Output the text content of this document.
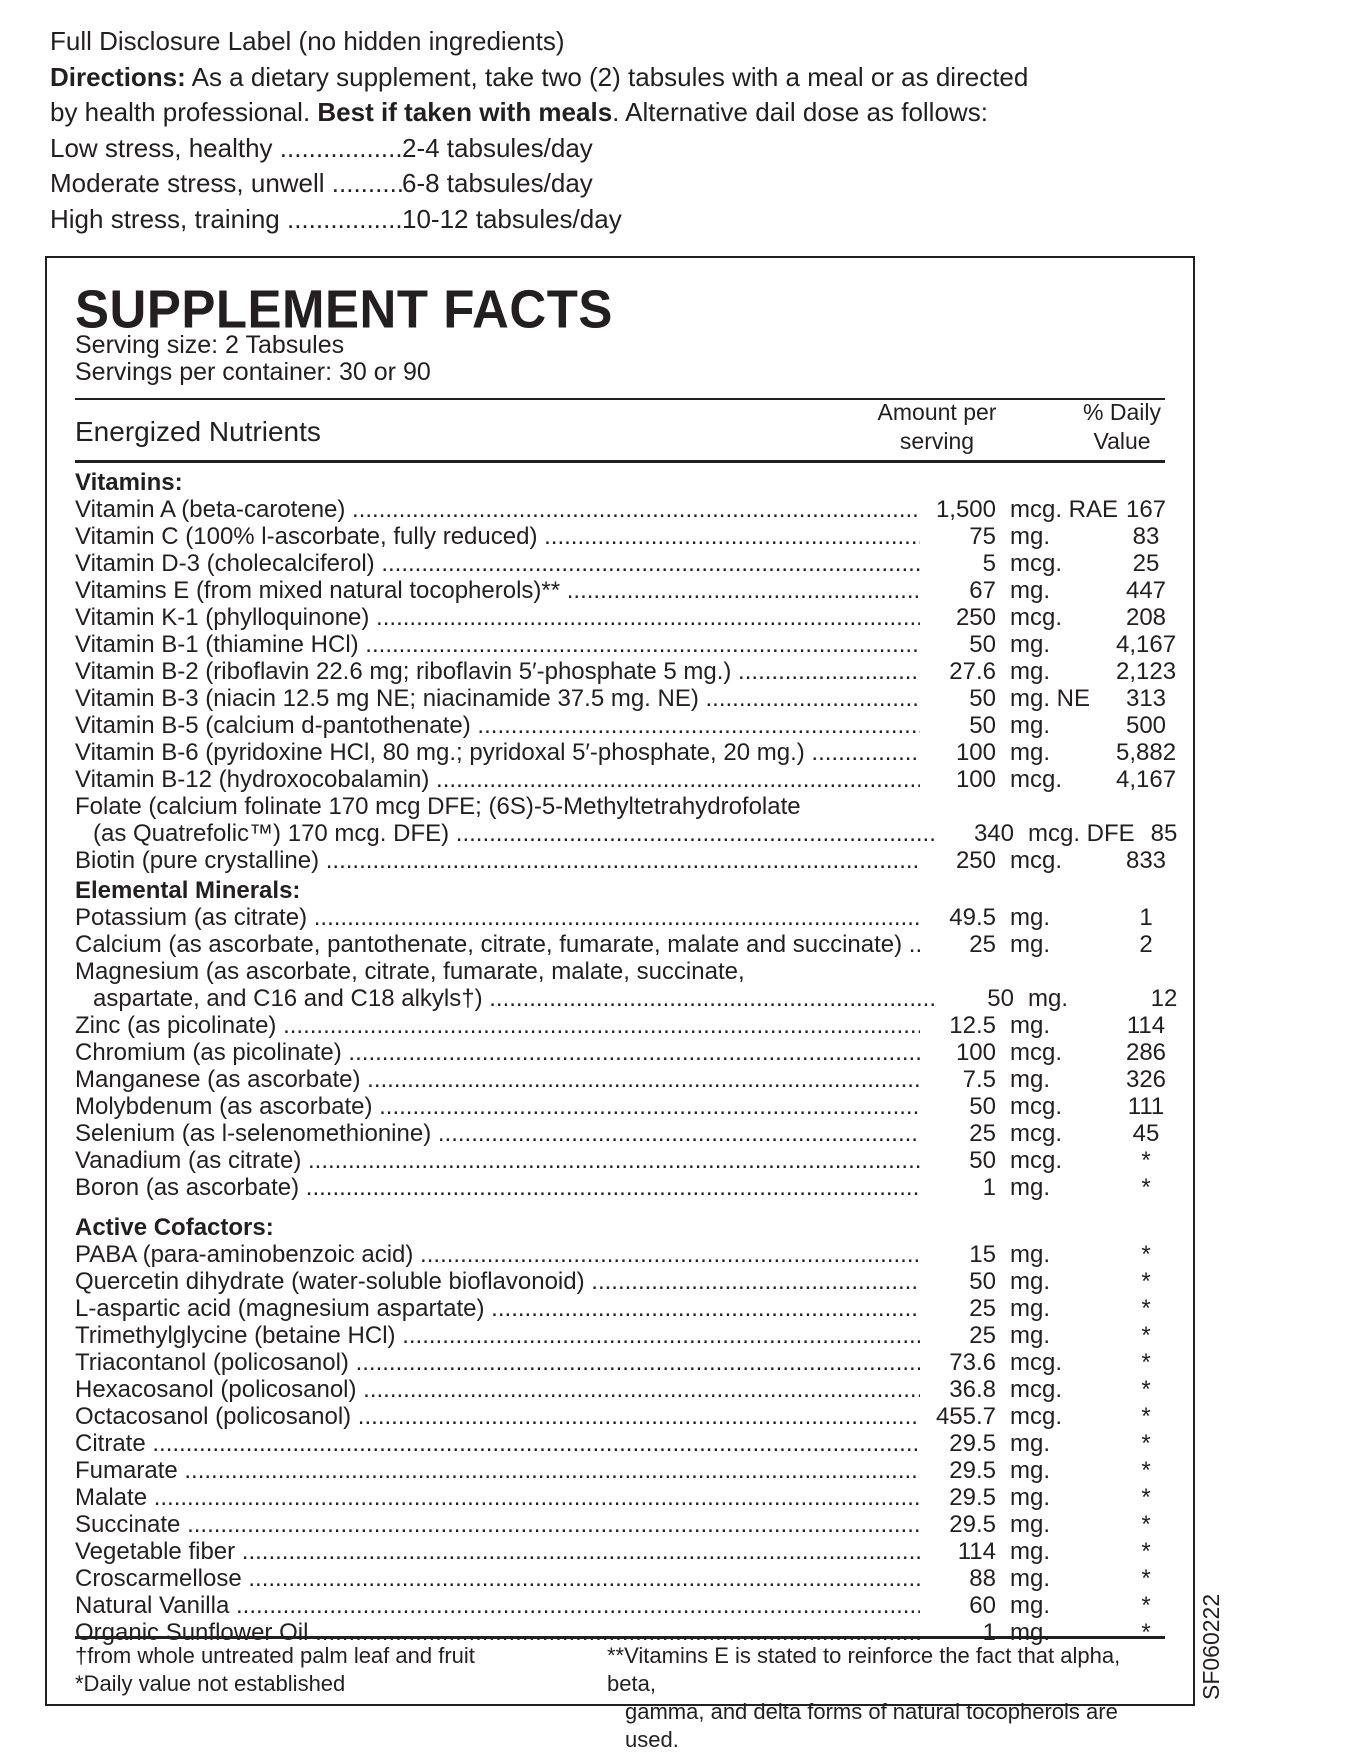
Full Disclosure Label (no hidden ingredients)
Directions: As a dietary supplement, take two (2) tabsules with a meal or as directed
by health professional. Best if taken with meals. Alternative dail dose as follows:
Low stress, healthy .....	2-4 tabsules/day
Moderate stress, unwell .....	6-8 tabsules/day
High stress, training .....	10-12 tabsules/day
SUPPLEMENT FACTS
Serving size: 2 Tabsules
Servings per container: 30 or 90
Energized Nutrients
Amount per
serving
% Daily
Value
Vitamins:
Vitamin A (beta-carotene) .....	1,500 mcg. RAE 167
Vitamin C (100% l-ascorbate, fully reduced) .....	75 mg.	83
Vitamin D-3 (cholecalciferol) .....	5 mcg.	25
Vitamins E (from mixed natural tocopherols)** .....	67 mg.	447
Vitamin K-1 (phylloquinone) .....	250 mcg.	208
Vitamin B-1 (thiamine HCl) .....	50 mg.	4,167
Vitamin B-2 (riboflavin 22.6 mg; riboflavin 5′-phosphate 5 mg.) .....	27.6 mg.	2,123
Vitamin B-3 (niacin 12.5 mg NE; niacinamide 37.5 mg. NE) .....	50 mg. NE	313
Vitamin B-5 (calcium d-pantothenate) .....	50 mg.	500
Vitamin B-6 (pyridoxine HCl, 80 mg.; pyridoxal 5′-phosphate, 20 mg.) .....	100 mg.	5,882
Vitamin B-12 (hydroxocobalamin) .....	100 mcg.	4,167
Folate (calcium folinate 170 mcg DFE; (6S)-5-Methyltetrahydrofolate
(as Quatrefolic™) 170 mcg. DFE) .....	340 mcg. DFE 85
Biotin (pure crystalline) .....	250 mcg.	833
Elemental Minerals:
Potassium (as citrate) .....	49.5 mg.	1
Calcium (as ascorbate, pantothenate, citrate, fumarate, malate and succinate) .....	25 mg.	2
Magnesium (as ascorbate, citrate, fumarate, malate, succinate,
aspartate, and C16 and C18 alkyls†) .....	50 mg.	12
Zinc (as picolinate) .....	12.5 mg.	114
Chromium (as picolinate) .....	100 mcg.	286
Manganese (as ascorbate) .....	7.5 mg.	326
Molybdenum (as ascorbate) .....	50 mcg.	111
Selenium (as l-selenomethionine) .....	25 mcg.	45
Vanadium (as citrate) .....	50 mcg.	*
Boron (as ascorbate) .....	1 mg.	*
Active Cofactors:
PABA (para-aminobenzoic acid) .....	15 mg.	*
Quercetin dihydrate (water-soluble bioflavonoid) .....	50 mg.	*
L-aspartic acid (magnesium aspartate) .....	25 mg.	*
Trimethylglycine (betaine HCl) .....	25 mg.	*
Triacontanol (policosanol) .....	73.6 mcg.	*
Hexacosanol (policosanol) .....	36.8 mcg.	*
Octacosanol (policosanol) .....	455.7 mcg.	*
Citrate .....	29.5 mg.	*
Fumarate .....	29.5 mg.	*
Malate .....	29.5 mg.	*
Succinate .....	29.5 mg.	*
Vegetable fiber .....	114 mg.	*
Croscarmellose .....	88 mg.	*
Natural Vanilla .....	60 mg.	*
Organic Sunflower Oil .....	1 mg.	*
†from whole untreated palm leaf and fruit
*Daily value not established
**Vitamins E is stated to reinforce the fact that alpha, beta,
gamma, and delta forms of natural tocopherols are used.
SF060222
